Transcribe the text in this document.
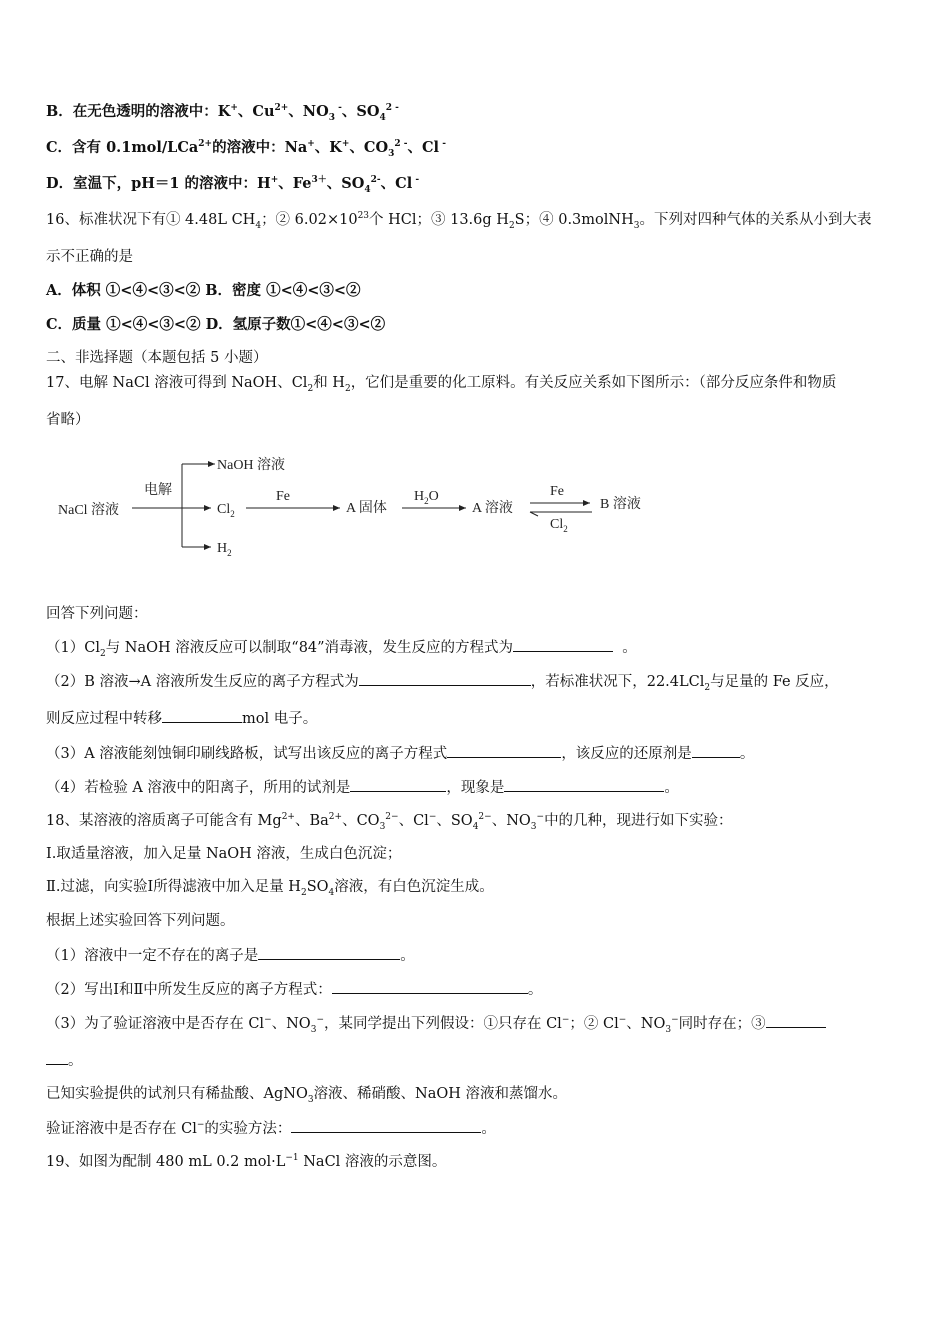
B．在无色透明的溶液中：K+、$Cu^{2+}$、$NO_3$ -、$SO_4^{2 -}$
C．含有 0.1mol/LCa$^{2+}$的溶液中：Na+、K+、$CO_3^{2 -}$、Cl -
D．室温下，pH＝1 的溶液中：H+、$Fe^{3+}$、$SO_4^{2-}$、Cl -
16、标准状况下有① 4.48L $CH_4$；② $6.02\times 10^{23}$个 HCl；③ 13.6g $H_2S$；④ 0.3molNH$_3$。下列对四种气体的关系从小到大表
示不正确的是
A．体积 ①<④<③<② B．密度 ①<④<③<②
C．质量 ①<④<③<② D．氢原子数①<④<③<②
二、非选择题（本题包括 5 小题）
17、电解 NaCl 溶液可得到 NaOH、$Cl_2$和 $H_2$，它们是重要的化工原料。有关反应关系如下图所示：（部分反应条件和物质
省略）
NaCl 溶液
电解
NaOH 溶液
$Cl_2$
$H_2$
Fe
A 固体
$H_2O$
A 溶液
Fe
$Cl_2$
B 溶液
回答下列问题：
$(1)Cl_2$与 NaOH 溶液反应可以制取“84”消毒液，发生反应的方程式为	。
（2）B 溶液→A 溶液所发生反应的离子方程式为	，若标准状况下，22.4LCl$_2$与足量的 Fe 反应，
则反应过程中转移	mol 电子。
（3）A 溶液能刻蚀铜印刷线路板，试写出该反应的离子方程式	，该反应的还原剂是	。
（4）若检验 A 溶液中的阳离子，所用的试剂是	，现象是	。
18、某溶液的溶质离子可能含有 $Mg^{2+}$、$Ba^{2+}$、$CO_3^{2-}$、Cl−、$SO_4^{2-}$、$NO_3^-$中的几种，现进行如下实验：
Ⅰ.取适量溶液，加入足量 NaOH 溶液，生成白色沉淀；
Ⅱ.过滤，向实验Ⅰ所得滤液中加入足量 $H_2SO_4$溶液，有白色沉淀生成。
根据上述实验回答下列问题。
（1）溶液中一定不存在的离子是	。
（2）写出Ⅰ和Ⅱ中所发生反应的离子方程式：	。
（3）为了验证溶液中是否存在 Cl−、$NO_3^-$，某同学提出下列假设：①只存在 Cl−；② Cl−、$NO_3^-$同时存在；③
。
已知实验提供的试剂只有稀盐酸、AgNO$_3$溶液、稀硝酸、NaOH 溶液和蒸馏水。
验证溶液中是否存在 Cl−的实验方法：	。
19、如图为配制 480 mL 0.2 $mol\cdot L^{-1}$ NaCl 溶液的示意图。
